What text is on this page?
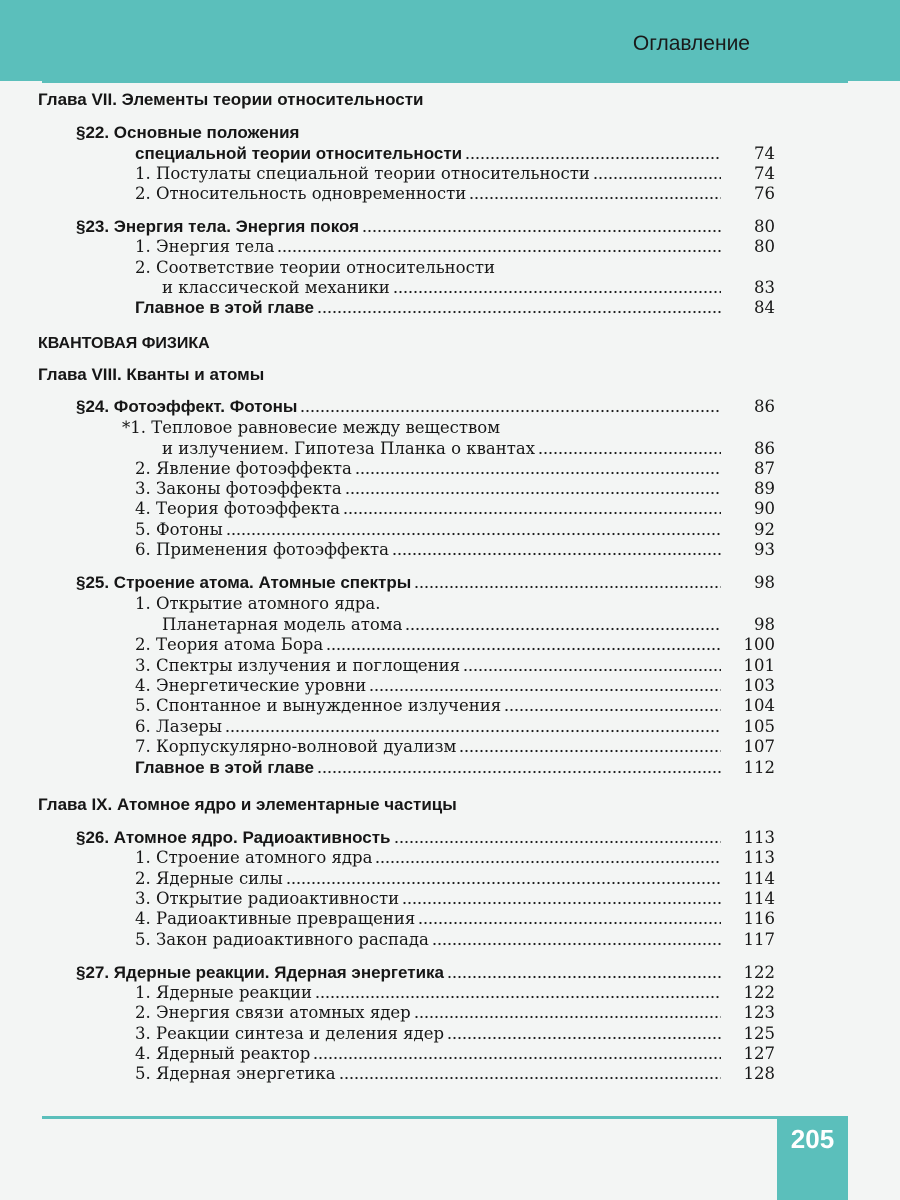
Оглавление
Глава VII. Элементы теории относительности
§22. Основные положения
специальной теории относительности	74
1. Постулаты специальной теории относительности	74
2. Относительность одновременности	76
§23. Энергия тела. Энергия покоя	80
1. Энергия тела	80
2. Соответствие теории относительности
и классической механики	83
Главное в этой главе	84
КВАНТОВАЯ ФИЗИКА
Глава VIII. Кванты и атомы
§24. Фотоэффект. Фотоны	86
*1. Тепловое равновесие между веществом
и излучением. Гипотеза Планка о квантах	86
2. Явление фотоэффекта	87
3. Законы фотоэффекта	89
4. Теория фотоэффекта	90
5. Фотоны	92
6. Применения фотоэффекта	93
§25. Строение атома. Атомные спектры	98
1. Открытие атомного ядра.
Планетарная модель атома	98
2. Теория атома Бора	100
3. Спектры излучения и поглощения	101
4. Энергетические уровни	103
5. Спонтанное и вынужденное излучения	104
6. Лазеры	105
7. Корпускулярно-волновой дуализм	107
Главное в этой главе	112
Глава IX. Атомное ядро и элементарные частицы
§26. Атомное ядро. Радиоактивность	113
1. Строение атомного ядра	113
2. Ядерные силы	114
3. Открытие радиоактивности	114
4. Радиоактивные превращения	116
5. Закон радиоактивного распада	117
§27. Ядерные реакции. Ядерная энергетика	122
1. Ядерные реакции	122
2. Энергия связи атомных ядер	123
3. Реакции синтеза и деления ядер	125
4. Ядерный реактор	127
5. Ядерная энергетика	128
205
